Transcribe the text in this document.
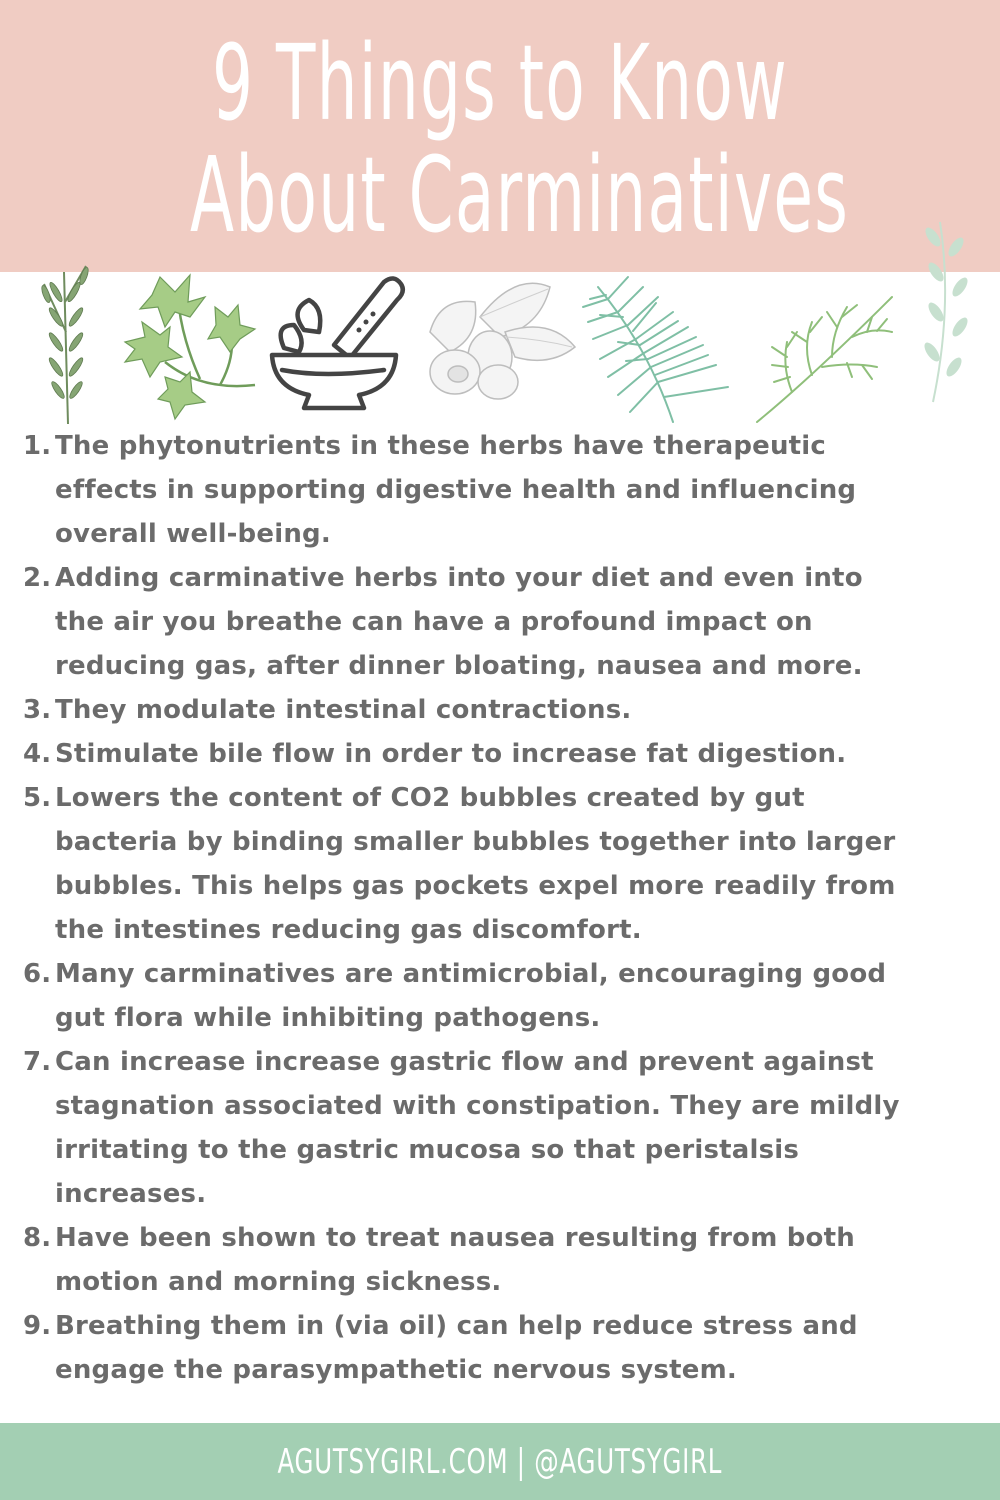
9 Things to Know
About Carminatives
1. The phytonutrients in these herbs have therapeutic
effects in supporting digestive health and influencing
overall well-being.
2. Adding carminative herbs into your diet and even into
the air you breathe can have a profound impact on
reducing gas, after dinner bloating, nausea and more.
3. They modulate intestinal contractions.
4. Stimulate bile flow in order to increase fat digestion.
5. Lowers the content of CO2 bubbles created by gut
bacteria by binding smaller bubbles together into larger
bubbles. This helps gas pockets expel more readily from
the intestines reducing gas discomfort.
6. Many carminatives are antimicrobial, encouraging good
gut flora while inhibiting pathogens.
7. Can increase increase gastric flow and prevent against
stagnation associated with constipation. They are mildly
irritating to the gastric mucosa so that peristalsis
increases.
8. Have been shown to treat nausea resulting from both
motion and morning sickness.
9. Breathing them in (via oil) can help reduce stress and
engage the parasympathetic nervous system.
AGUTSYGIRL.COM | @AGUTSYGIRL
